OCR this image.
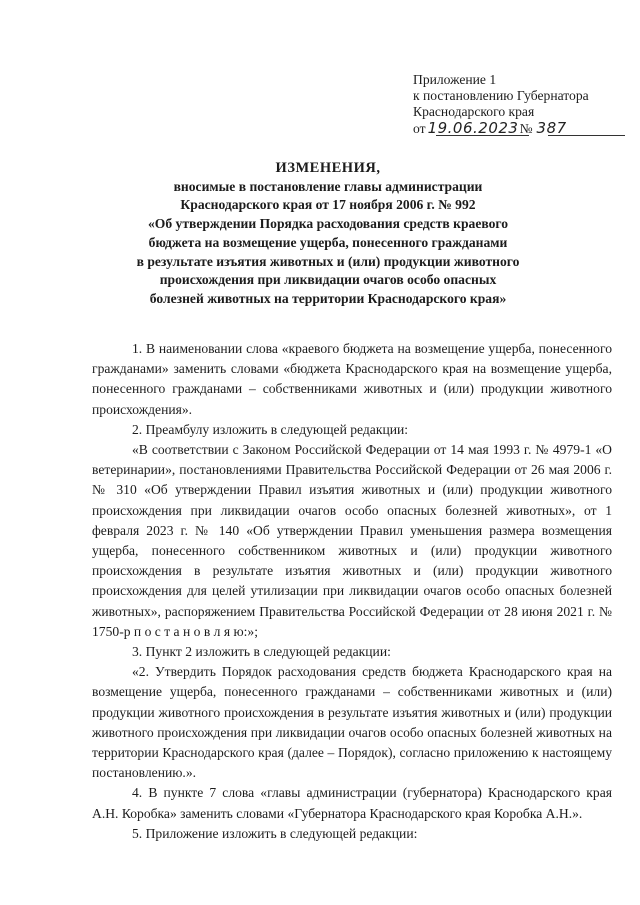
Приложение 1
к постановлению Губернатора
Краснодарского края
от 19.06.2023№ 387
ИЗМЕНЕНИЯ,
вносимые в постановление главы администрации
Краснодарского края от 17 ноября 2006 г. № 992
«Об утверждении Порядка расходования средств краевого
бюджета на возмещение ущерба, понесенного гражданами
в результате изъятия животных и (или) продукции животного
происхождения при ликвидации очагов особо опасных
болезней животных на территории Краснодарского края»

1. В наименовании слова «краевого бюджета на возмещение ущерба, понесенного гражданами» заменить словами «бюджета Краснодарского края на возмещение ущерба, понесенного гражданами – собственниками животных и (или) продукции животного происхождения».

2. Преамбулу изложить в следующей редакции:

«В соответствии с Законом Российской Федерации от 14 мая 1993 г. № 4979-1 «О ветеринарии», постановлениями Правительства Российской Федерации от 26 мая 2006 г. № 310 «Об утверждении Правил изъятия животных и (или) продукции животного происхождения при ликвидации очагов особо опасных болезней животных», от 1 февраля 2023 г. № 140 «Об утверждении Правил уменьшения размера возмещения ущерба, понесенного собственником животных и (или) продукции животного происхождения в результате изъятия животных и (или) продукции животного происхождения для целей утилизации при ликвидации очагов особо опасных болезней животных», распоряжением Правительства Российской Федерации от 28 июня 2021 г. № 1750-р п о с т а н о в л я ю:»;

3. Пункт 2 изложить в следующей редакции:

«2. Утвердить Порядок расходования средств бюджета Краснодарского края на возмещение ущерба, понесенного гражданами – собственниками животных и (или) продукции животного происхождения в результате изъятия животных и (или) продукции животного происхождения при ликвидации очагов особо опасных болезней животных на территории Краснодарского края (далее – Порядок), согласно приложению к настоящему постановлению.».

4. В пункте 7 слова «главы администрации (губернатора) Краснодарского края А.Н. Коробка» заменить словами «Губернатора Краснодарского края Коробка А.Н.».

5. Приложение изложить в следующей редакции:
